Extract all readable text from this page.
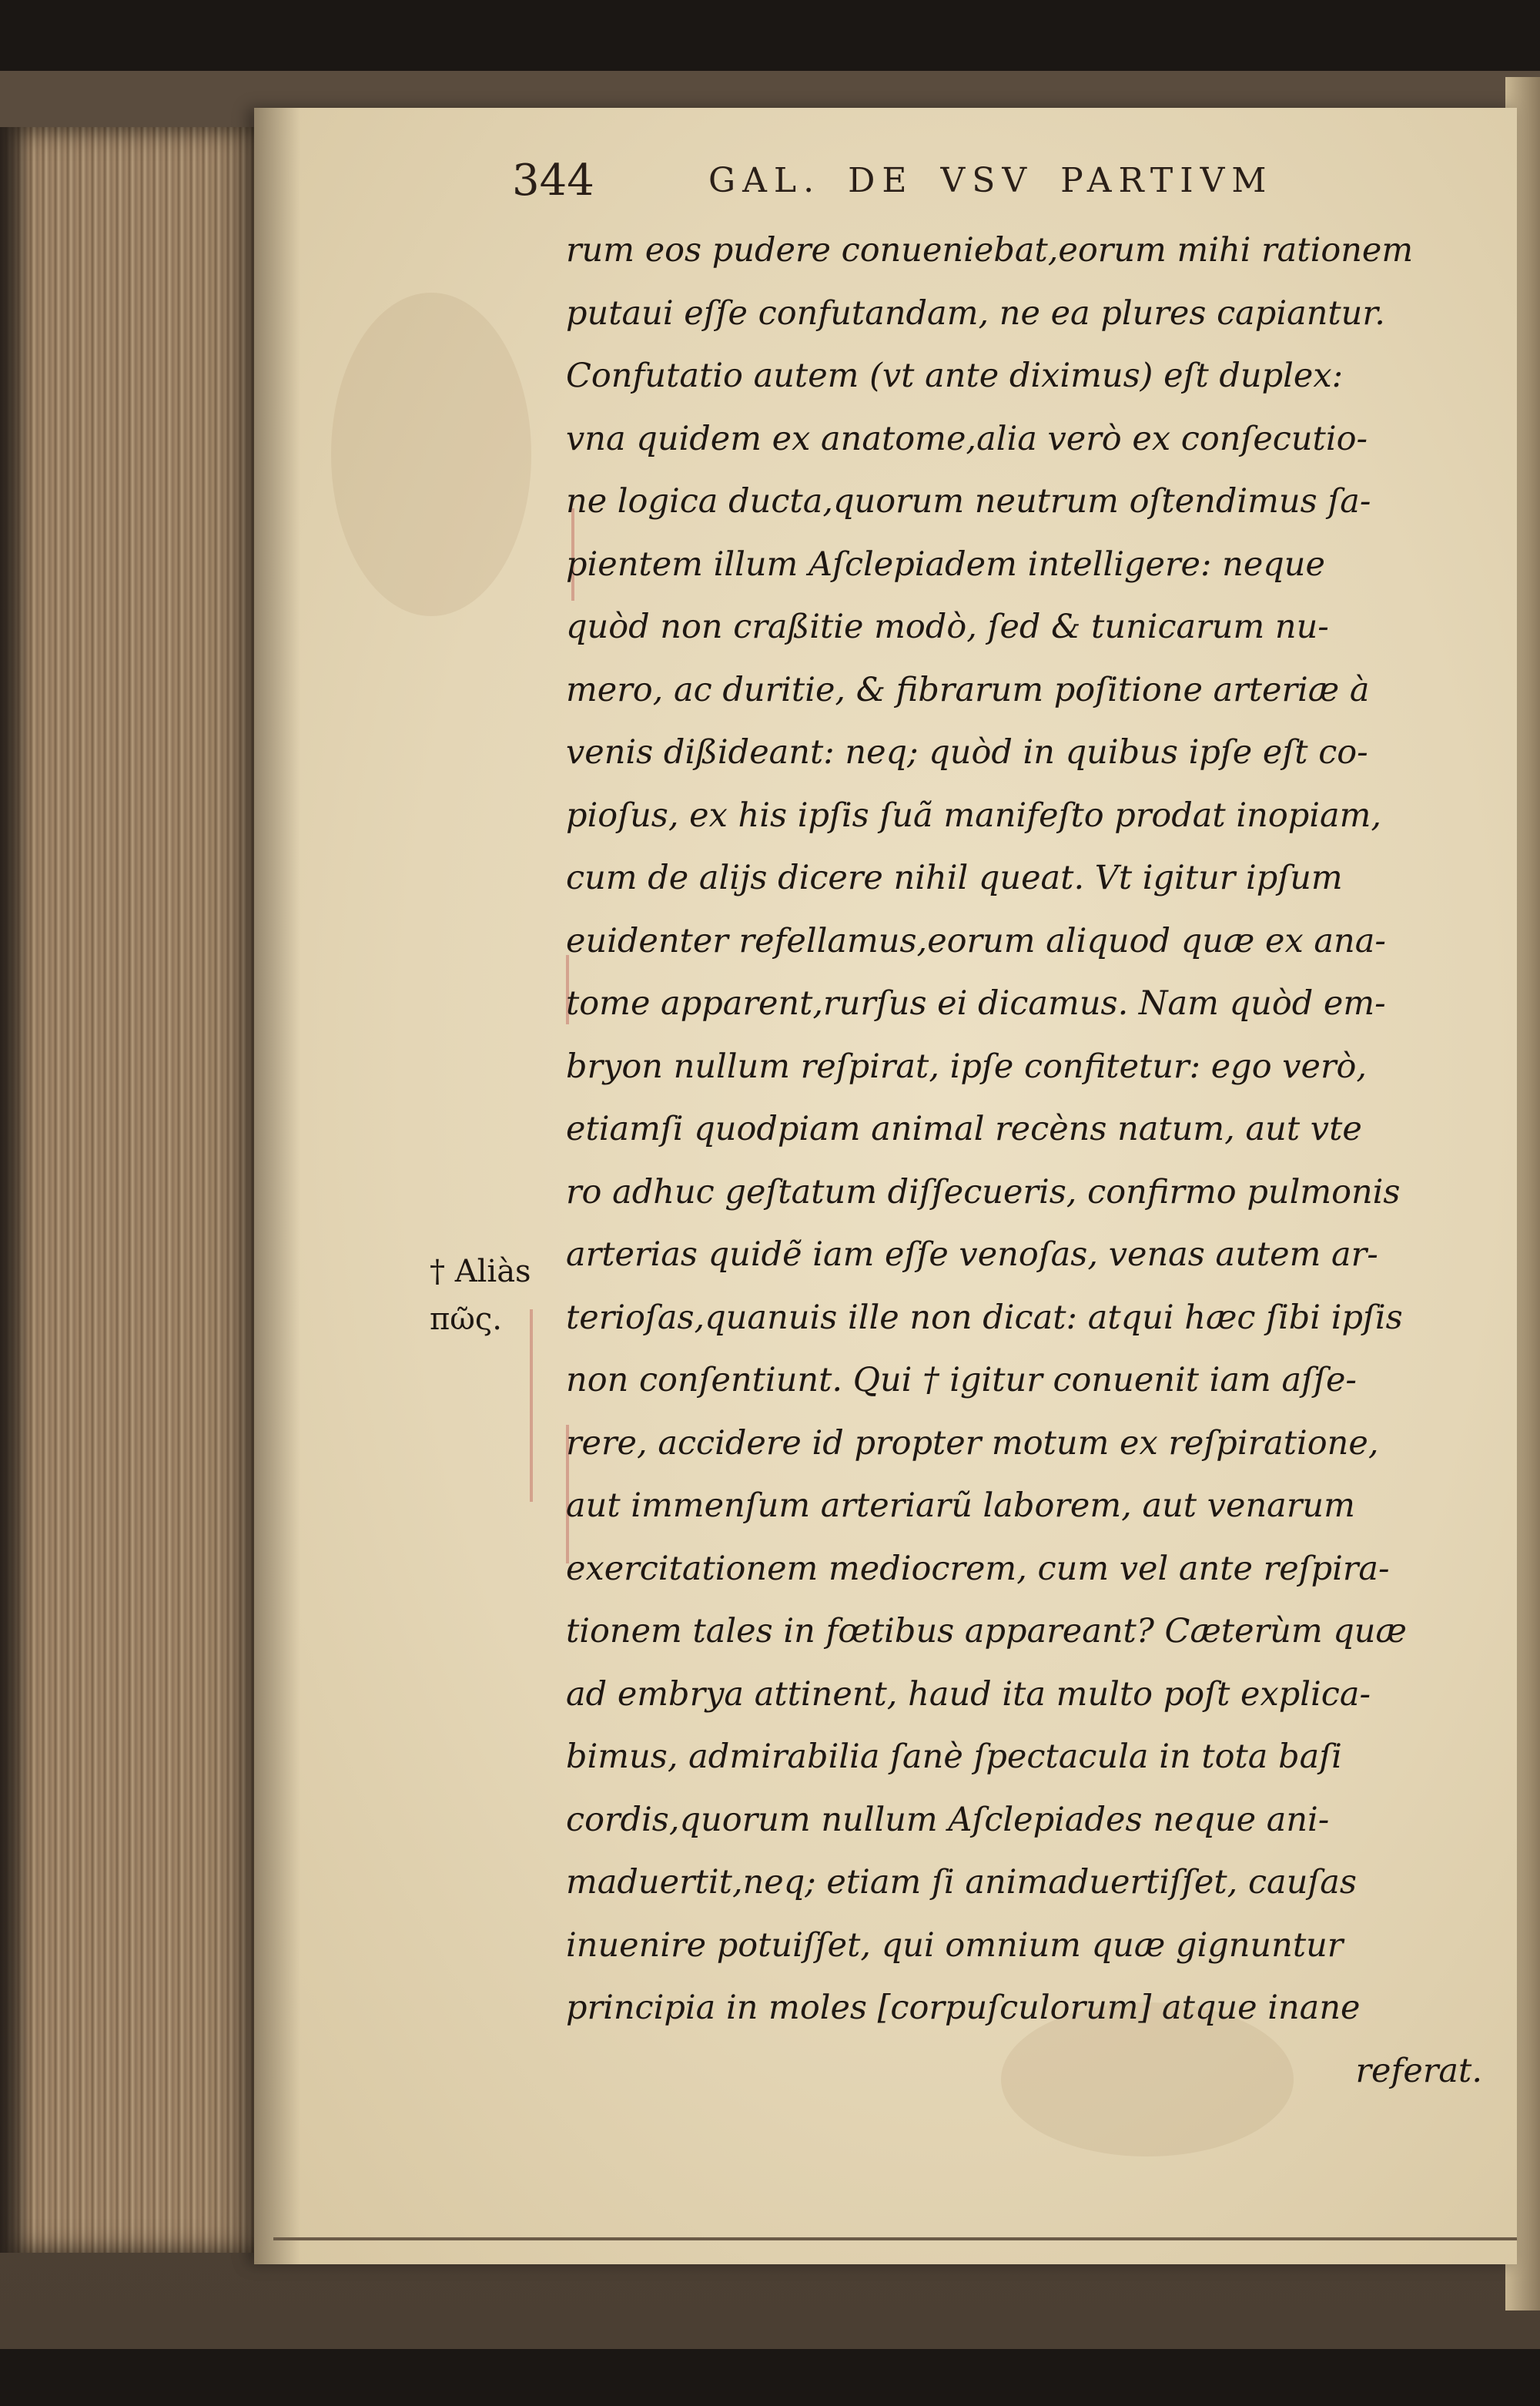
344	GAL. DE VSV PARTIVM
rum eos pudere conueniebat,eorum mihi rationem
putaui eſſe confutandam, ne ea plures capiantur.
Confutatio autem (vt ante diximus) eſt duplex:
vna quidem ex anatome,alia verò ex conſecutio-
ne logica ducta,quorum neutrum oſtendimus ſa-
pientem illum Aſclepiadem intelligere: neque
quòd non craßitie modò, ſed & tunicarum nu-
mero, ac duritie, & fibrarum poſitione arteriæ à
venis dißideant: neq; quòd in quibus ipſe eſt co-
pioſus, ex his ipſis ſuã manifeſto prodat inopiam,
cum de alijs dicere nihil queat. Vt igitur ipſum
euidenter refellamus,eorum aliquod quæ ex ana-
tome apparent,rurſus ei dicamus. Nam quòd em-
bryon nullum reſpirat, ipſe confitetur: ego verò,
etiamſi quodpiam animal recèns natum, aut vte
ro adhuc geſtatum diſſecueris, confirmo pulmonis
arterias quidẽ iam eſſe venoſas, venas autem ar-
terioſas,quanuis ille non dicat: atqui hæc ſibi ipſis
non conſentiunt. Qui † igitur conuenit iam aſſe-
rere, accidere id propter motum ex reſpiratione,
aut immenſum arteriarũ laborem, aut venarum
exercitationem mediocrem, cum vel ante reſpira-
tionem tales in fœtibus appareant? Cæterùm quæ
ad embrya attinent, haud ita multo poſt explica-
bimus, admirabilia ſanè ſpectacula in tota baſi
cordis,quorum nullum Aſclepiades neque ani-
maduertit,neq; etiam ſi animaduertiſſet, cauſas
inuenire potuiſſet, qui omnium quæ gignuntur
principia in moles [corpuſculorum] atque inane
referat.
† Aliàs
πῶς.
